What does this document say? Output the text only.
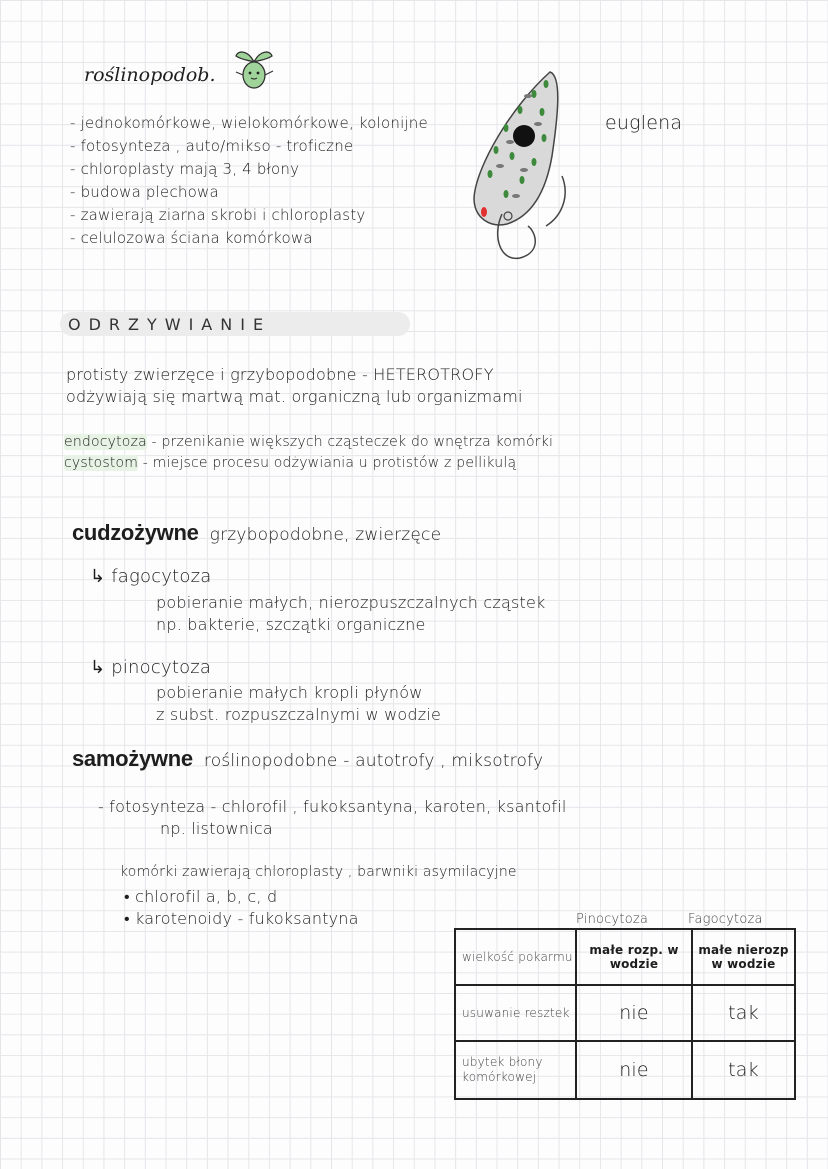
roślinopodob.
- jednokomórkowe, wielokomórkowe, kolonijne
- fotosynteza , auto/mikso - troficzne
- chloroplasty mają 3, 4 błony
- budowa plechowa
- zawierają ziarna skrobi i chloroplasty
- celulozowa ściana komórkowa
euglena
ODRZYWIANIE
protisty zwierzęce i grzybopodobne - HETEROTROFY
odżywiają się martwą mat. organiczną lub organizmami
endocytoza - przenikanie większych cząsteczek do wnętrza komórki
cystostom - miejsce procesu odżywiania u protistów z pellikulą
cudzożywne grzybopodobne, zwierzęce
↳ fagocytoza
pobieranie małych, nierozpuszczalnych cząstek
np. bakterie, szczątki organiczne
↳ pinocytoza
pobieranie małych kropli płynów
z subst. rozpuszczalnymi w wodzie
samożywne roślinopodobne - autotrofy , miksotrofy
- fotosynteza - chlorofil , fukoksantyna, karoten, ksantofil
np. listownica
komórki zawierają chloroplasty , barwniki asymilacyjne
• chlorofil a, b, c, d
• karotenoidy - fukoksantyna	Pinocytoza	Fagocytoza
wielkość pokarmu	małe rozp. w wodzie	małe nierozp w wodzie
usuwanie resztek	nie	tak
ubytek błony komórkowej	nie	tak
